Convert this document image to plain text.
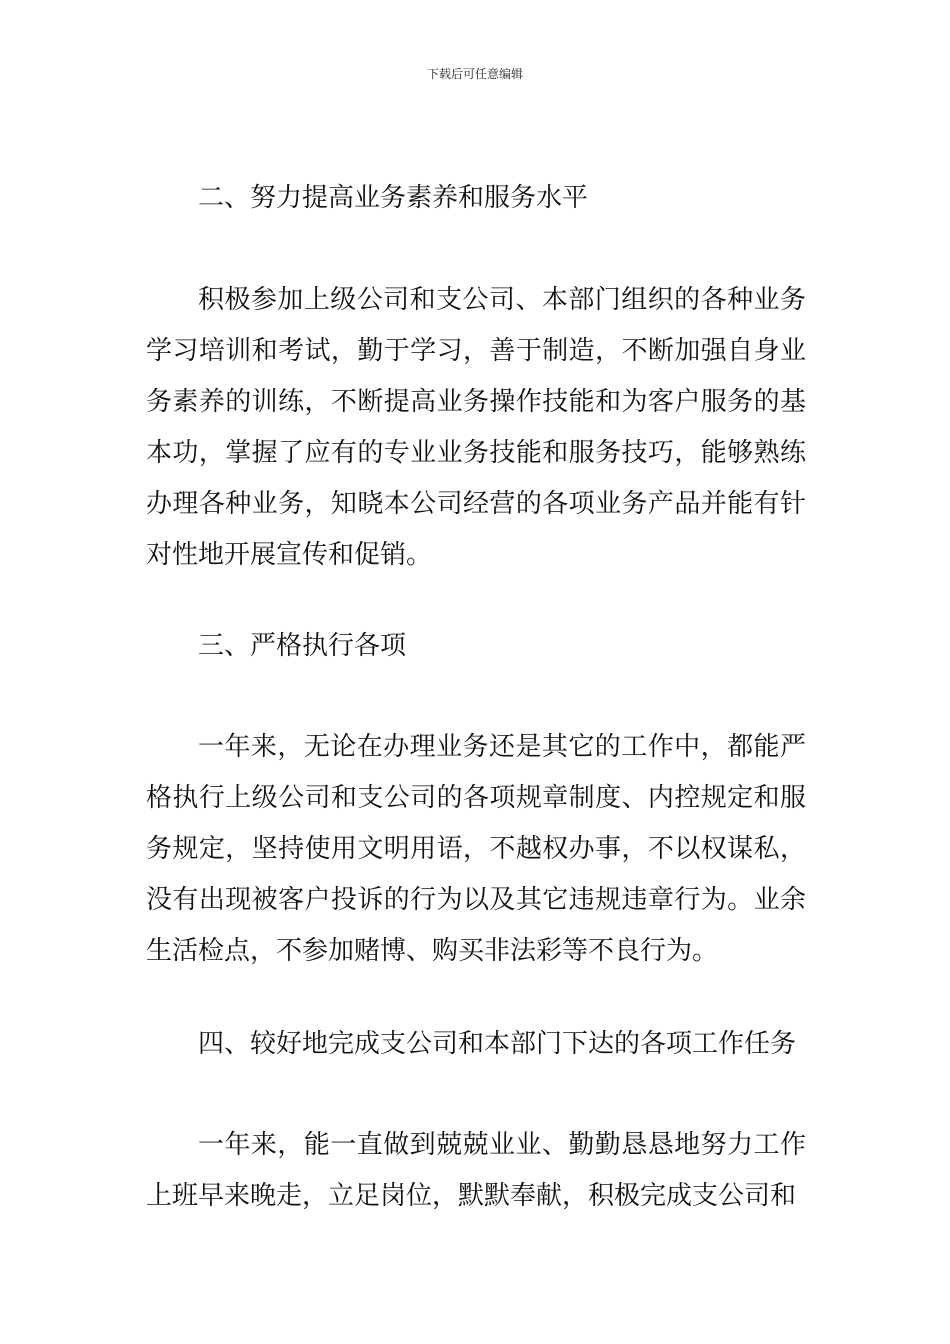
下载后可任意编辑

二、努力提高业务素养和服务水平

积极参加上级公司和支公司、本部门组织的各种业务学习培训和考试，勤于学习，善于制造，不断加强自身业务素养的训练，不断提高业务操作技能和为客户服务的基本功，掌握了应有的专业业务技能和服务技巧，能够熟练办理各种业务，知晓本公司经营的各项业务产品并能有针对性地开展宣传和促销。

三、严格执行各项

一年来，无论在办理业务还是其它的工作中，都能严格执行上级公司和支公司的各项规章制度、内控规定和服务规定，坚持使用文明用语，不越权办事，不以权谋私，没有出现被客户投诉的行为以及其它违规违章行为。业余生活检点，不参加赌博、购买非法彩等不良行为。

四、较好地完成支公司和本部门下达的各项工作任务

一年来，能一直做到兢兢业业、勤勤恳恳地努力工作上班早来晚走，立足岗位，默默奉献，积极完成支公司和
